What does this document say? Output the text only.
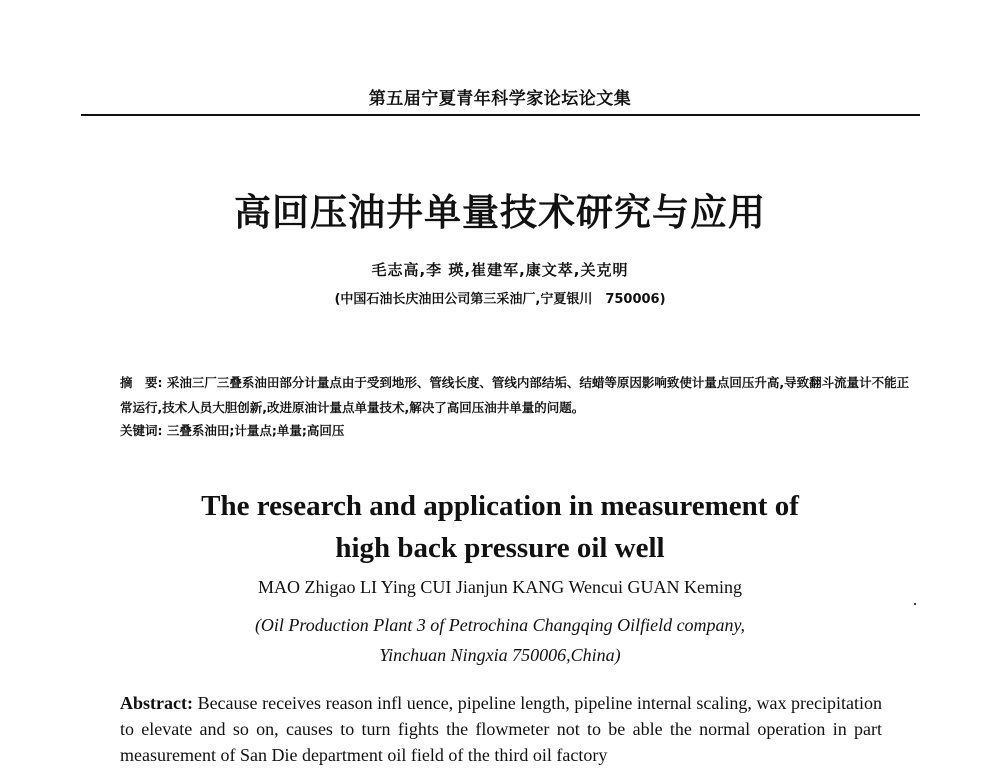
第五届宁夏青年科学家论坛论文集
高回压油井单量技术研究与应用
毛志高,李 瑛,崔建军,康文萃,关克明
(中国石油长庆油田公司第三采油厂,宁夏银川　750006)
摘　要: 采油三厂三叠系油田部分计量点由于受到地形、管线长度、管线内部结垢、结蜡等原因影响致使计量点回压升高,导致翻斗流量计不能正常运行,技术人员大胆创新,改进原油计量点单量技术,解决了高回压油井单量的问题。
关键词: 三叠系油田;计量点;单量;高回压
The research and application in measurement of
high back pressure oil well
MAO Zhigao LI Ying CUI Jianjun KANG Wencui GUAN Keming
(Oil Production Plant 3 of Petrochina Changqing Oilfield company,
Yinchuan Ningxia 750006,China)
Abstract: Because receives reason infl uence, pipeline length, pipeline internal scaling, wax precipitation to elevate and so on, causes to turn fights the flowmeter not to be able the normal operation in part measurement of San Die department oil field of the third oil factory
